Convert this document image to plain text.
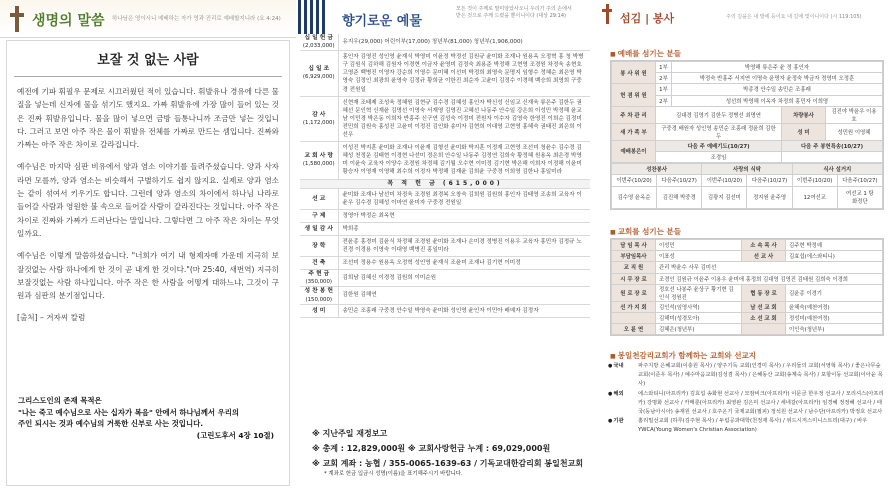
생명의 말씀 하나님은 영이시니 예배하는 자가 영과 진리로 예배할지니라 (요 4:24)
보잘 것 없는 사람

예전에 기파 휘필우 문제로 시끄러웠던 적이 있습니다. 휘발유나 경유에 다른 물질을 넣는데 신자에 물을 섞기도 했지요. 가짜 휘발유에 가장 많이 들어 있는 것은 진짜 휘발유입니다. 물을 많이 넣으면 금방 들통나니까 조금만 넣는 것입니다. 그러고 보면 아주 작은 물이 휘발유 전체를 가짜로 만드는 셈입니다. 진짜와 가짜는 아주 작은 차이로 갈라집니다.

예수님은 마지막 심판 비유에서 양과 염소 이야기를 들려주셨습니다. 양과 사자라면 모를까, 양과 염소는 비슷해서 구별하기도 쉽지 않지요. 실제로 양과 염소는 같이 섞여서 키우기도 합니다. 그런데 양과 염소의 차이에서 하나님 나라로 들어갈 사람과 영원한 불 속으로 들어갈 사람이 갈라진다는 것입니다. 아주 작은 차이로 진짜와 가짜가 드러난다는 말입니다. 그렇다면 그 아주 작은 차이는 무엇일까요.

예수님은 이렇게 말씀하셨습니다. "너희가 여기 내 형제자매 가운데 지극히 보잘것없는 사람 하나에게 한 것이 곧 내게 한 것이다."(마 25:40, 새번역) 지극히 보잘것없는 사람 하나입니다. 아주 작은 한 사람을 어떻게 대하느냐, 그것이 구원과 심판의 분기점입니다.

[출처] – 겨자씨 칼럼
그리스도인의 존재 목적은
"나는 죽고 예수님으로 사는 십자가 복음" 안에서 하나님께서 우리의
주인 되시는 것과 예수님의 거룩한 신부로 사는 것입니다.
(고린도후서 4장 10절)
향기로운 예물
모든 것이 주께로 말미암았사오니 우리가 주의 손에서 받은 것으로 주께 드렸을 뿐이니이다 (대상 29:14)
십 일 헌 금
(2,033,000)	유지우(29,000) 어린이부(17,000) 청년부(81,000) 청년부(1,906,000)
십 일 조
(6,929,000)	홍인자 김영진 성인영 윤재식 박영미 이윤정 박정선 김원규 윤미화 조재나 원용옥 오정혁 홍 청 박병구 김원식 김하해 김원자 이경현 이금자 윤영미 김정숙 최용준 박정해 고현영 조경원 차정욱 송현호 고영준 백병진 이영자 강순희 이영수 문미혜 이선미 박정희 최영숙 문명지 임형수 정혜순 최은영 박영숙 김정인 최광희 윤영숙 김정규 황희균 이한진 최순자 고윤미 김정수 이경해 백승희 최영희 구중경 전원일
감 사
(1,172,000)	신현재 조태제 조성욱 정혜원 김현규 김수경 김혜성 홍인자 박신성 신임교 신재욱 류은주 김한두 권혜선 문인혁 신재윤 김명선 이영숙 서재영 김영진 고혜선 나동주 안수일 강은희 이성민 박정해 윤교남 이민경 박은동 이희자 반홍주 신구연 김성숙 이정미 전원자 이수자 김영숙 한영진 이희순 김정미 전민희 김원숙 홍성진 고윤미 이정진 김인화 송미자 김현희 이대영 고현영 홍혜숙 권태진 최은희 이선우
교 회 사 랑
(1,580,000)	이성진 박지훈 윤미화 조재나 이윤재 김형선 윤미화 박지훈 이정재 고현영 조선미 청윤수 김수경 김혜성 천정운 김태현 이경현 나선미 정은희 안수일 나동주 김정연 김희숙 황정혜 원용옥 최은경 박영미 이윤숙 교육자 이양수 조경원 차정혜 김기월 오수현 이미정 김기현 박은해 이희자 이정해 이윤미 황승자 이영재 이영해 최수희 이정자 박정해 김재윤 김희윤 구중경 이희영 김한나 홍일미라
목 적 헌 금 (615,000)	
선 교	윤미화 조재나 남선미 차정욱 조경원 최경복 오창숙 김희원 김원희 홍인자 김태영 조송희 교육자 이윤우 김수경 김혜성 이마연 윤미자 구중경 전원일
구 제	정영아 박정순 최옥현
생 일 감 사	박희종
장 학	전윤종 홍경미 김윤식 차정혜 조경원 윤미화 조재나 손미경 정병진 이용우 교육자 홍민자 김정규 노진경 이경용 이영숙 이대영 백병진 홍일미라
건 축	조선미 정용수 원용옥 오정혁 성인영 윤재식 조윤미 조재나 김기현 이미정
주 현 금
(350,000)	김희남 김혜신 이경정 김원희 이미순원
성 찬 봉 헌
(150,000)	김한원 김해연
성 미	송민순 조홍래 구중경 안수일 박영숙 윤미화 성인영 윤인자 이민아 배예자 김정자
※ 지난주일 재정보고
※ 총계 : 12,829,000원 ※ 교회사랑헌금 누계 : 69,029,000원
※ 교회 계좌 : 농협 / 355-0065-1639-63 / 기독교대한감리회 봉일천교회
* 계좌로 헌금 입금시 성명(이름)을 표기해주시기 바랍니다.
섬김 | 봉사	주의 길을은 내 발에 등이요 내 길에 빛이니이다 (시 119:105)
■ 예배를 섬기는 분들
봉 사 위 원	1부	박영해 류은주 윤 정 홍인자		
	2부	박정숙 반홍주 서지연 이명숙 윤명자 윤정숙 박금자 정영미 오정훈		
헌 겸 위 원	1부	박종경 안수일 송민순 조홍래		
	2부	성선희 박영해 이옥자 차정희 홍민자 이희영		
주 차 관 리	김대경 김영기 김한두 정병선 최명연		차량봉사	김진야 박윤우 이용호
새 가 족 부	구중경 배원자 성인영 송민순 조홍래 정윤희 김한두		성 미	성민원 이영혜
예배봉은이	다음 주 예배기도(10/27)		다음 주 봉헌특송(10/27)	
	조경임			
성찬봉사		사랑의 식탁		식사 설거지	
이번주(10/20)	다음주(10/27)	이번주(10/20)	다음주(10/27)	이번주(10/20)	다음주(10/27)
김수영 윤옥순	김진해 박중경	김광지 김선미	정지원 윤주영	12여선교	여선교 1 탕
화정단
■ 교회를 섬기는 분들
담 임 목 사	이성민	소 속 목 사	김주현 박정예
부담임목사	이표성	선 교 사	김효섭(에스와티니)
교 직 원	관리 박윤수 사무 김미선		
시 무 장 로	조경인 김원규 이윤주 이용우 윤미애 홍정희 김대영 김영진 김태원 김희숙 이경희		
원 로 장 로	정호선 나봉주 윤상구 황기현 김인식 정원진	협 동 장 로	김윤종 이경기
선 가 지 회	김인석(임영사역)	남 선 교 회	윤혜숙(예천여정)
	김해미(성경모아)	소 선 교 회	정성미(예천여정)
오 륜 연	김혜은(청년부)		이인숙(청년부)
■ 봉일천감리교회가 함께하는 교회와 선교지
● 국내	파주지방 은혜교회(이충원 목사) / 양주기독 교회(인경미 목사) / 우리들의 교회(서영혁 목사) / 좋은나무숲 교회(이준우 목사) / 예수마음교회(김성겸 목사) / 은혜동산 교회(송계숙 목사) / 포항이동 선교회(이아윤 목사)
● 해외	에스와티니(아프리카) 김효섭 송화현 선교사 / 모잠비크(아프리카) 이문금 한우정 선교사 / 모리셔스(아프리카) 강명화 선교사 / 카메룬(아프리카) 최영완 김은미 선교사 / 세네갈(아프리카) 임경혜 정정혜 선교사 / 태국(동남아시아) 송재원 선교사 / 호주온기 국제교회(필피) 정석원 선교사 / 남수단(아프리카) 박정호 선교사
● 기관	홈리밀선교회 (하루(김주현 목사) / 두림공과대학(천정재 목사) / 위드시저스미니스트리(대구) / 바우 YWCA(Young Women's Christian Association)
